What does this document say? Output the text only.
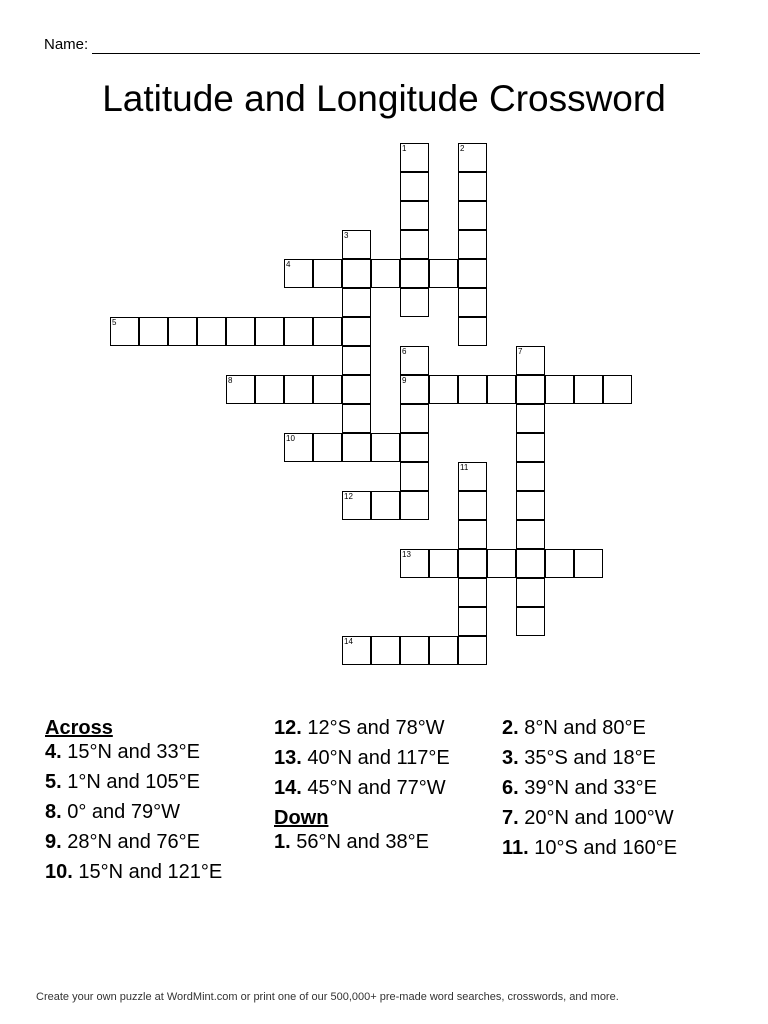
Name:
Latitude and Longitude Crossword
1	2
3
4
5
6	7
8	9
10
11
12
13
14
Across
4. 15°N and 33°E
5. 1°N and 105°E
8. 0° and 79°W
9. 28°N and 76°E
10. 15°N and 121°E
12. 12°S and 78°W
13. 40°N and 117°E
14. 45°N and 77°W
Down
1. 56°N and 38°E
2. 8°N and 80°E
3. 35°S and 18°E
6. 39°N and 33°E
7. 20°N and 100°W
11. 10°S and 160°E
Create your own puzzle at WordMint.com or print one of our 500,000+ pre-made word searches, crosswords, and more.
